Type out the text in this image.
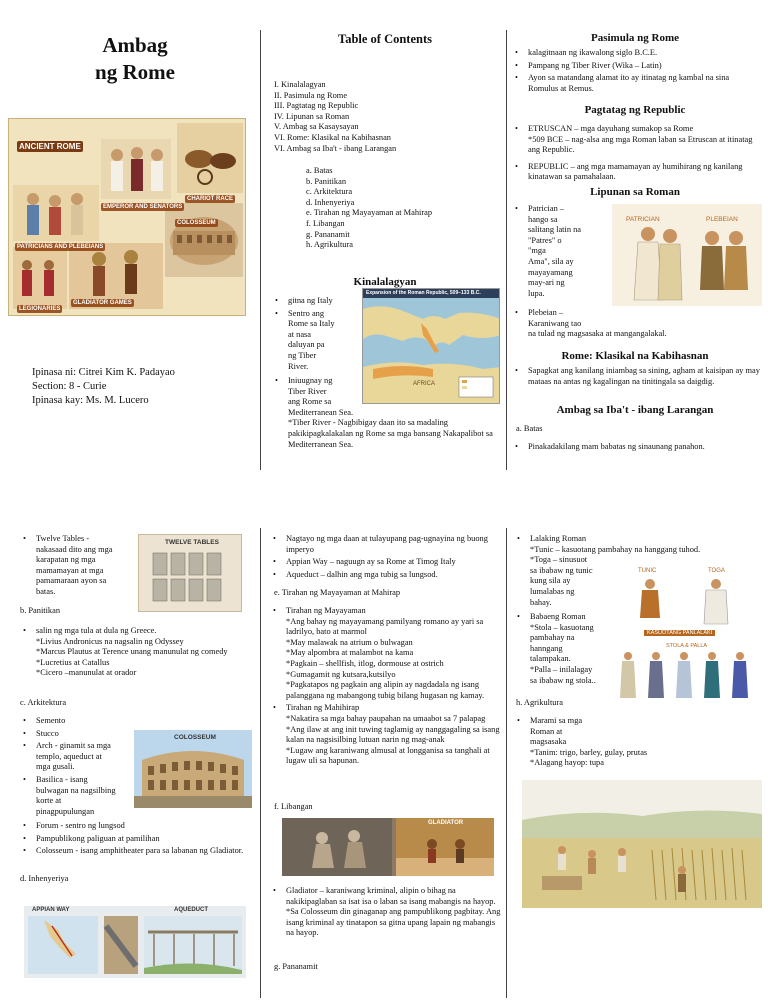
Ambag
ng Rome
ANCIENT ROME
EMPEROR AND SENATORS
CHARIOT RACE
PATRICIANS AND PLEBEIANS
COLOSSEUM
GLADIATOR GAMES
LEGIONARIES
Ipinasa ni: Citrei Kim K. Padayao
Section: 8 - Curie
Ipinasa kay: Ms. M. Lucero
Table of Contents
I. Kinalalagyan
II. Pasimula ng Rome
III. Pagtatag ng Republic
IV. Lipunan sa Roman
V. Ambag sa Kasaysayan
VI. Rome: Klasikal na Kabihasnan
VI. Ambag sa Iba't - ibang Larangan
a. Batas
b. Panitikan
c. Arkitektura
d. Inhenyeriya
e. Tirahan ng Mayayaman at Mahirap
f. Libangan
g. Pananamit
h. Agrikultura
Kinalalagyan
• gitna ng Italy
• Sentro ang
Rome sa Italy
at nasa
daluyan pa
ng Tiber
River.
• Iniuugnay ng
Tiber River
ang Rome sa
Mediterranean Sea.
*Tiber River - Nagbibigay daan ito sa madaling pakikipagkalakalan ng Rome sa mga bansang Nakapalibot sa Mediterranean Sea.
Expansion of the Roman Republic, 509–133 B.C.
AFRICA
Pasimula ng Rome
• kalagitnaan ng ikawalong siglo B.C.E.
• Pampang ng Tiber River (Wika – Latin)
• Ayon sa matandang alamat ito ay itinatag ng kambal na sina Romulus at Remus.
Pagtatag ng Republic
• ETRUSCAN – mga dayuhang sumakop sa Rome
*509 BCE – nag-alsa ang mga Roman laban sa Etruscan at itinatag ang Republic.
• REPUBLIC – ang mga mamamayan ay humihirang ng kanilang kinatawan sa pamahalaan.
Lipunan sa Roman
• Patrician –
hango sa
salitang latin na
"Patres" o
"mga
Ama", sila ay
mayayamang
may-ari ng
lupa.
• Plebeian –
Karaniwang tao
na tulad ng magsasaka at mangangalakal.
PATRICIAN	PLEBEIAN
Rome: Klasikal na Kabihasnan
• Sapagkat ang kanilang iniambag sa sining, agham at kaisipan ay may mataas na antas ng kagalingan na tinitingala sa daigdig.
Ambag sa Iba't - ibang Larangan
a. Batas
• Pinakadakilang mam babatas ng sinaunang panahon.
• Twelve Tables -
nakasaad dito ang mga
karapatan ng mga
mamamayan at mga
pamamaraan ayon sa
batas.
TWELVE TABLES
b. Panitikan
• salin ng mga tula at dula ng Greece.
*Livius Andronicus na nagsalin ng Odyssey
*Marcus Plautus at Terence unang manunulat ng comedy
*Lucretius at Catallus
*Cicero –manunulat at orador
c. Arkitektura
• Semento
• Stucco
• Arch - ginamit sa mga
templo, aqueduct at
mga gusali.
• Basilica - isang
bulwagan na nagsilbing
korte at
pinagpupulungan
• Forum - sentro ng lungsod
• Pampublikong paliguan at pamilihan
• Colosseum - isang amphitheater para sa labanan ng Gladiator.
COLOSSEUM
d. Inhenyeriya
APPIAN WAY	AQUEDUCT
• Nagtayo ng mga daan at tulayupang pag-ugnayina ng buong imperyo
• Appian Way – naguugn ay sa Rome at Timog Italy
• Aqueduct – dalhin ang mga tubig sa lungsod.
e. Tirahan ng Mayayaman at Mahirap
• Tirahan ng Mayayaman
*Ang bahay ng mayayamang pamilyang romano ay yari sa ladrilyo, bato at marmol
*May malawak na atrium o bulwagan
*May alpombra at malambot na kama
*Pagkain – shellfish, itlog, dormouse at ostrich
*Gumagamit ng kutsara,kutsilyo
*Pagkatapos ng pagkain ang alipin ay nagdadala ng isang palanggana ng mabangong tubig bilang hugasan ng kamay.
• Tirahan ng Mahihirap
*Nakatira sa mga bahay paupahan na umaabot sa 7 palapag
*Ang ilaw at ang init tuwing taglamig ay nanggagaling sa isang kalan na nagsisilbing lutuan narin ng mag-anak
*Lugaw ang karaniwang almusal at longganisa sa tanghali at lugaw uli sa hapunan.
f. Libangan
GLADIATOR
• Gladiator – karaniwang kriminal, alipin o bihag na nakikipaglaban sa isat isa o laban sa isang mabangis na hayop.
*Sa Colosseum din ginaganap ang pampublikong pagbitay. Ang isang kriminal ay tinatapon sa gitna upang lapain ng mabangis na hayop.
g. Pananamit
• Lalaking Roman
*Tunic – kasuotang pambahay na hanggang tuhod.
*Toga – sinusuot
sa ibabaw ng tunic
kung sila ay
lumalabas ng
bahay.
• Babaeng Roman
*Stola – kasuotang
pambahay na
hanngang
talampakan.
*Palla – inilalagay
sa ibabaw ng stola..
TUNIC	TOGA
KASUOTANG PANLALAKI
STOLA & PALLA
h. Agrikultura
• Marami sa mga
Roman at
magsasaka
*Tanim: trigo, barley, gulay, prutas
*Alagang hayop: tupa
